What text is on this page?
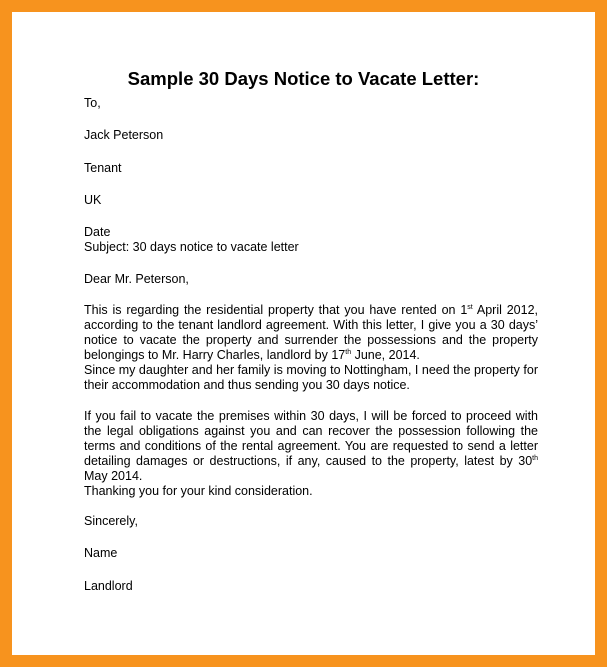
Sample 30 Days Notice to Vacate Letter:
To,
Jack Peterson
Tenant
UK
Date
Subject: 30 days notice to vacate letter
Dear Mr. Peterson,

This is regarding the residential property that you have rented on 1st April 2012, according to the tenant landlord agreement. With this letter, I give you a 30 days’ notice to vacate the property and surrender the possessions and the property belongings to Mr. Harry Charles, landlord by 17th June, 2014.

Since my daughter and her family is moving to Nottingham, I need the property for their accommodation and thus sending you 30 days notice.

If you fail to vacate the premises within 30 days, I will be forced to proceed with the legal obligations against you and can recover the possession following the terms and conditions of the rental agreement. You are requested to send a letter detailing damages or destructions, if any, caused to the property, latest by 30th May 2014.

Thanking you for your kind consideration.

Sincerely,
Name
Landlord
